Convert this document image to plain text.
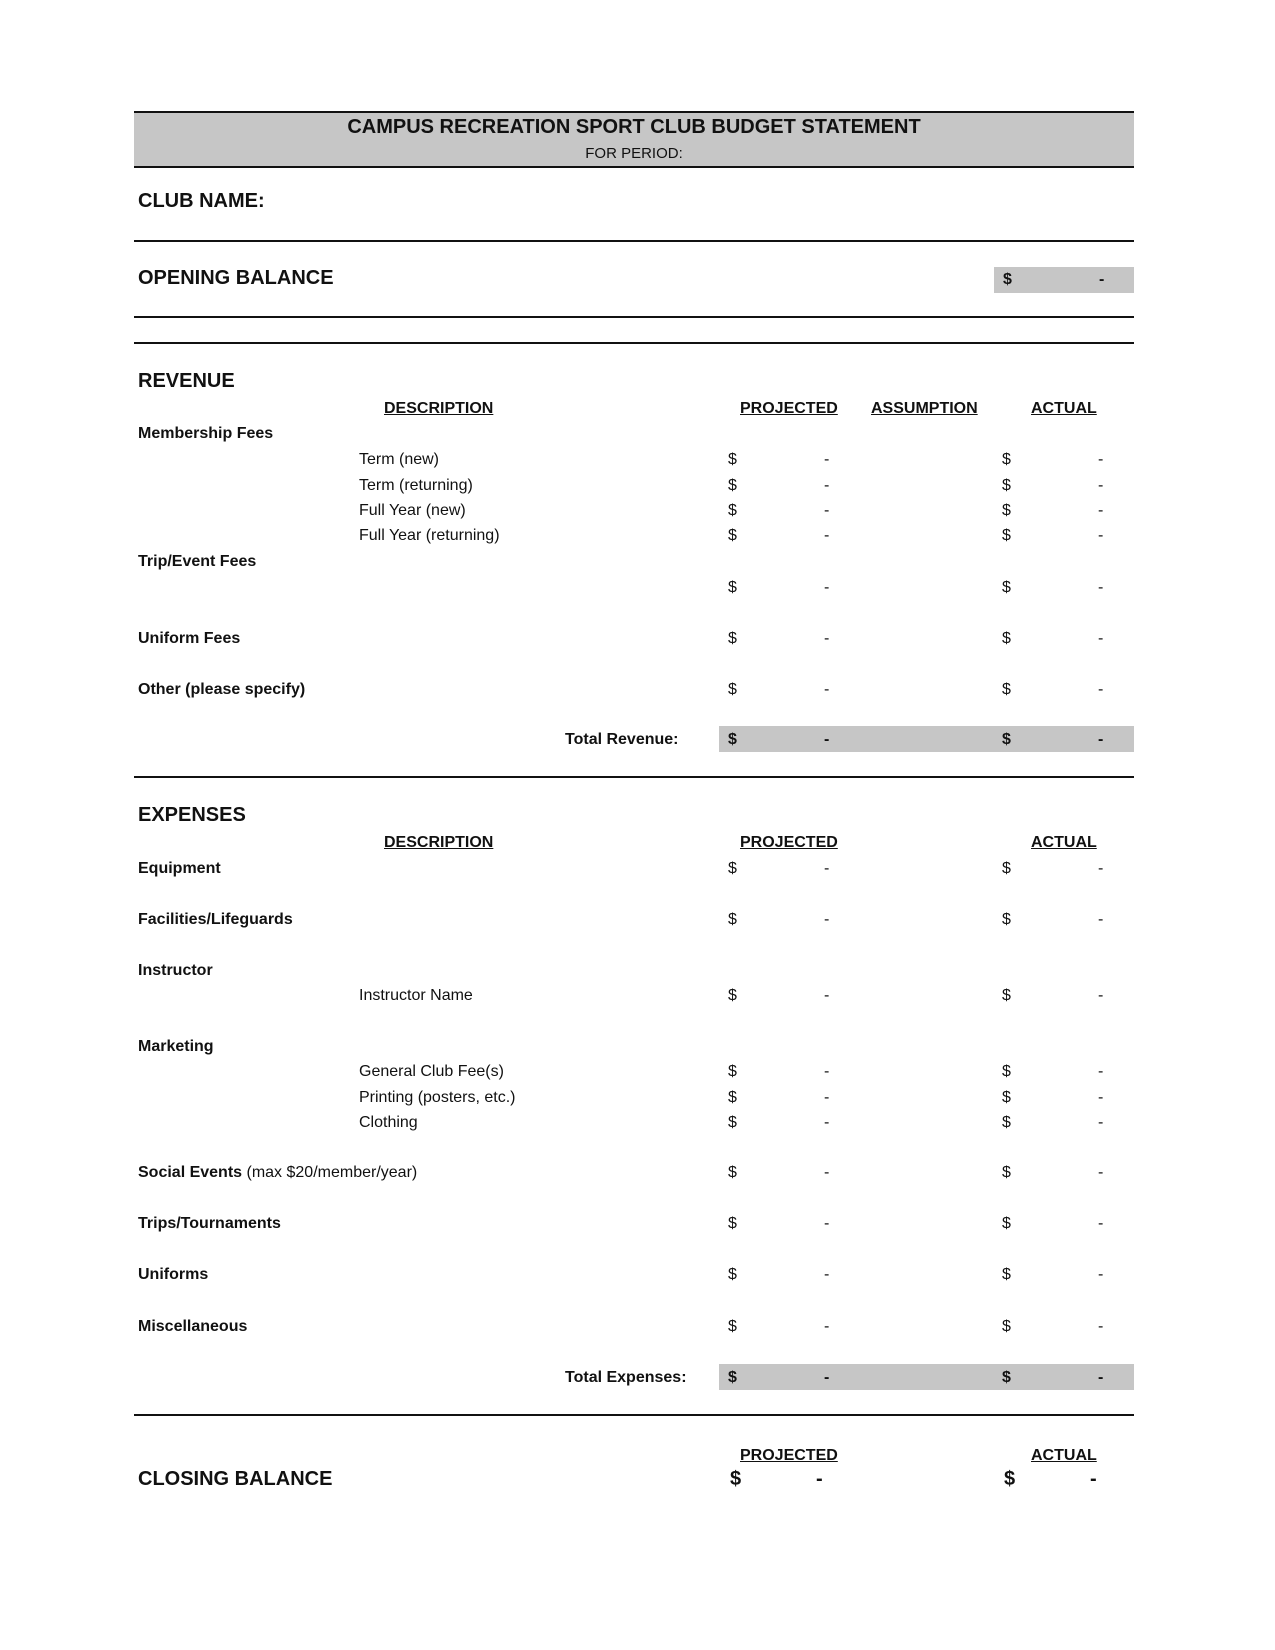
CAMPUS RECREATION SPORT CLUB BUDGET STATEMENT
FOR PERIOD:
CLUB NAME:
OPENING BALANCE	$	-
REVENUE
DESCRIPTION	PROJECTED ASSUMPTION	ACTUAL
Membership Fees
Term (new)	$	-	$	-
Term (returning)	$	-	$	-
Full Year (new)	$	-	$	-
Full Year (returning)	$	-	$	-
Trip/Event Fees
$	-	$	-
Uniform Fees	$	-	$	-
Other (please specify)	$	-	$	-
Total Revenue:	$	-	$	-
EXPENSES
DESCRIPTION	PROJECTED	ACTUAL
Equipment	$	-	$	-
Facilities/Lifeguards	$	-	$	-
Instructor
Instructor Name	$	-	$	-
Marketing
General Club Fee(s)	$	-	$	-
Printing (posters, etc.)	$	-	$	-
Clothing	$	-	$	-
Social Events (max $20/member/year)	$	-	$	-
Trips/Tournaments	$	-	$	-
Uniforms	$	-	$	-
Miscellaneous	$	-	$	-
Total Expenses:	$	-	$	-
PROJECTED	ACTUAL
CLOSING BALANCE	$	-	$	-
